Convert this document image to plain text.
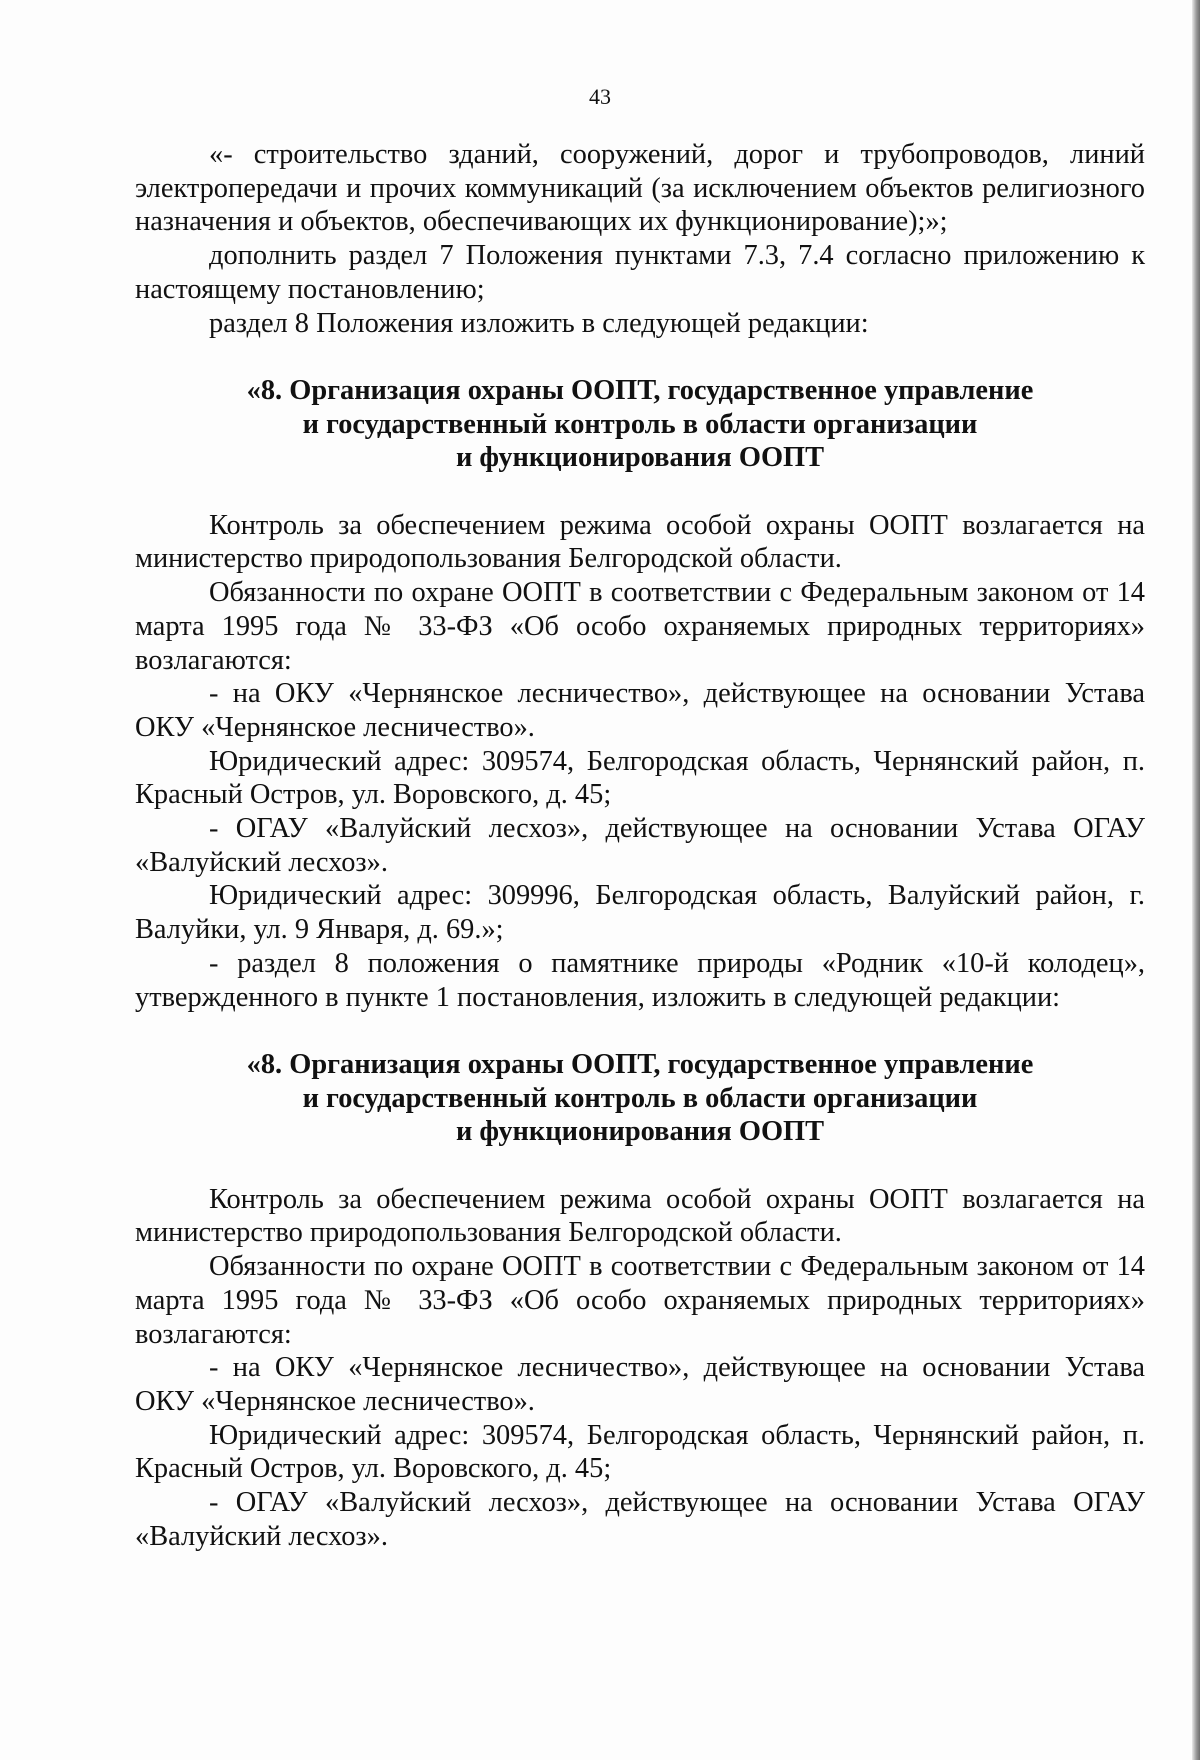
43

«- строительство зданий, сооружений, дорог и трубопроводов, линий электропередачи и прочих коммуникаций (за исключением объектов религиозного назначения и объектов, обеспечивающих их функционирование);»;

дополнить раздел 7 Положения пунктами 7.3, 7.4 согласно приложению к настоящему постановлению;

раздел 8 Положения изложить в следующей редакции:

«8. Организация охраны ООПТ, государственное управление

и государственный контроль в области организации

и функционирования ООПТ

Контроль за обеспечением режима особой охраны ООПТ возлагается на министерство природопользования Белгородской области.

Обязанности по охране ООПТ в соответствии с Федеральным законом от 14 марта 1995 года № 33-ФЗ «Об особо охраняемых природных территориях» возлагаются:

- на ОКУ «Чернянское лесничество», действующее на основании Устава ОКУ «Чернянское лесничество».

Юридический адрес: 309574, Белгородская область, Чернянский район, п. Красный Остров, ул. Воровского, д. 45;

- ОГАУ «Валуйский лесхоз», действующее на основании Устава ОГАУ «Валуйский лесхоз».

Юридический адрес: 309996, Белгородская область, Валуйский район, г. Валуйки, ул. 9 Января, д. 69.»;

- раздел 8 положения о памятнике природы «Родник «10-й колодец», утвержденного в пункте 1 постановления, изложить в следующей редакции:

«8. Организация охраны ООПТ, государственное управление

и государственный контроль в области организации

и функционирования ООПТ

Контроль за обеспечением режима особой охраны ООПТ возлагается на министерство природопользования Белгородской области.

Обязанности по охране ООПТ в соответствии с Федеральным законом от 14 марта 1995 года № 33-ФЗ «Об особо охраняемых природных территориях» возлагаются:

- на ОКУ «Чернянское лесничество», действующее на основании Устава ОКУ «Чернянское лесничество».

Юридический адрес: 309574, Белгородская область, Чернянский район, п. Красный Остров, ул. Воровского, д. 45;

- ОГАУ «Валуйский лесхоз», действующее на основании Устава ОГАУ «Валуйский лесхоз».
